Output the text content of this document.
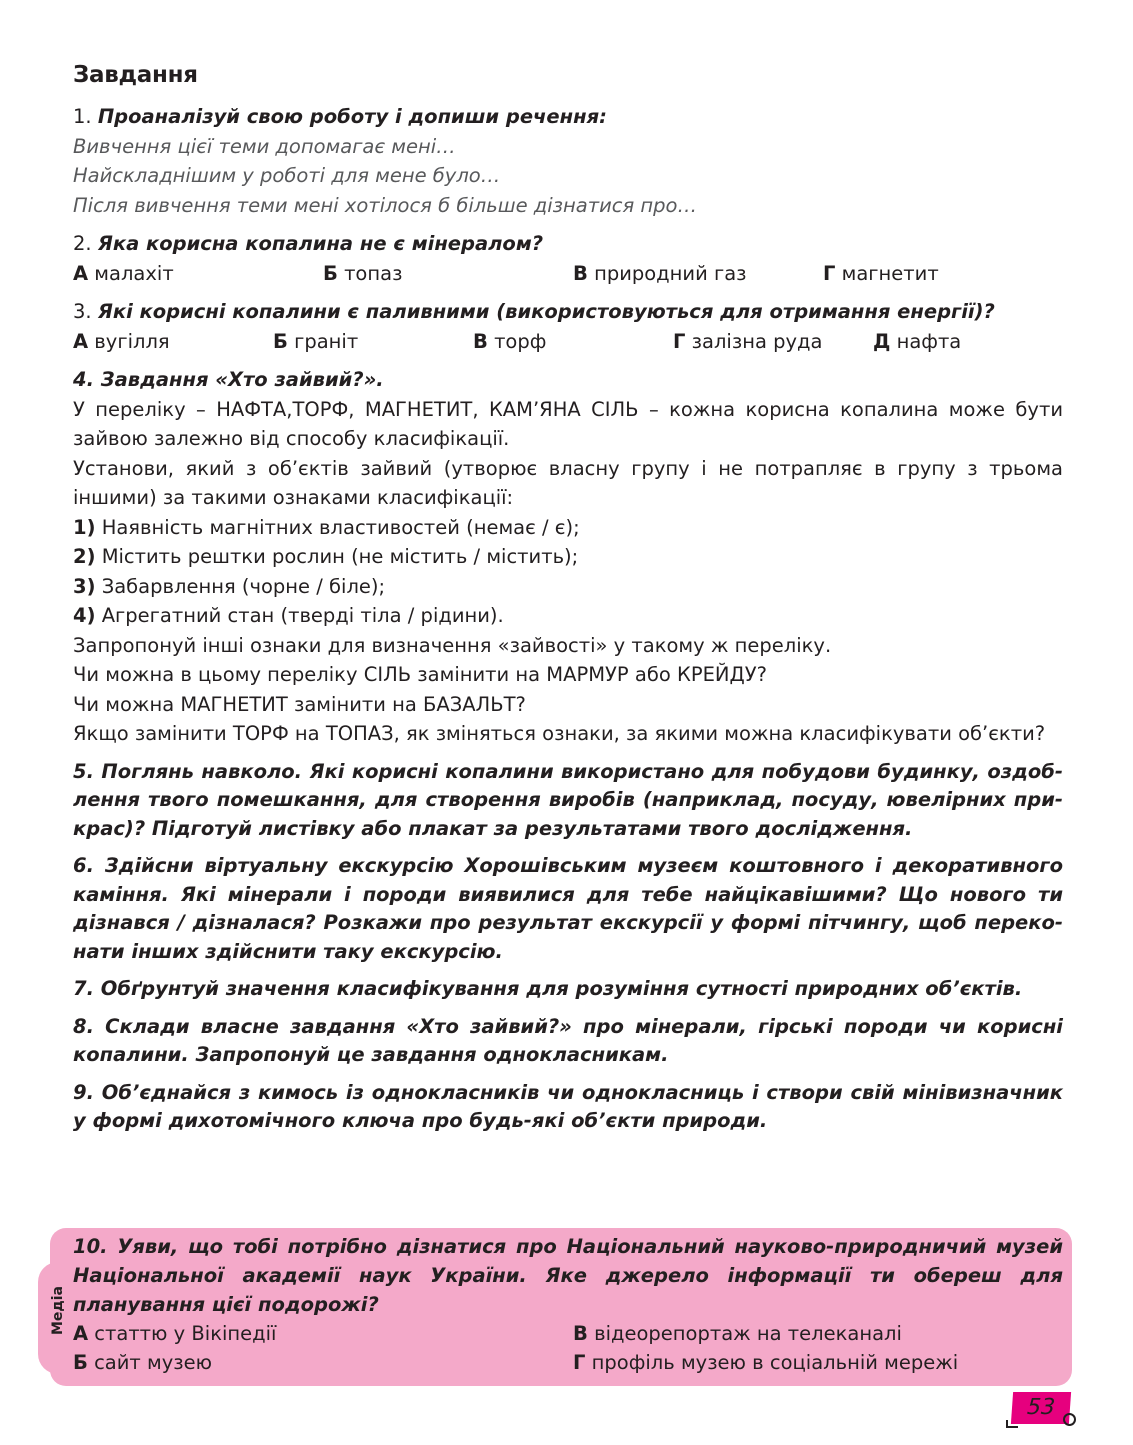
Завдання

1. Проаналізуй свою роботу і допиши речення:

Вивчення цієї теми допомагає мені…

Найскладнішим у роботі для мене було…

Після вивчення теми мені хотілося б більше дізнатися про…

2. Яка корисна копалина не є мінералом?

А малахіт	Б топаз	В природний газ	Г магнетит

3. Які корисні копалини є паливними (використовуються для отримання енергії)?

А вугілля	Б граніт	В торф	Г залізна руда	Д нафта

4. Завдання «Хто зайвий?».

У переліку – НАФТА,ТОРФ, МАГНЕТИТ, КАМ’ЯНА СІЛЬ – кожна корисна копалина може бути зайвою залежно від способу класифікації.

Установи, який з об’єктів зайвий (утворює власну групу і не потрапляє в групу з трьома іншими) за такими ознаками класифікації:

1) Наявність магнітних властивостей (немає / є);

2) Містить рештки рослин (не містить / містить);

3) Забарвлення (чорне / біле);

4) Агрегатний стан (тверді тіла / рідини).

Запропонуй інші ознаки для визначення «зайвості» у такому ж переліку.

Чи можна в цьому переліку СІЛЬ замінити на МАРМУР або КРЕЙДУ?

Чи можна МАГНЕТИТ замінити на БАЗАЛЬТ?

Якщо замінити ТОРФ на ТОПАЗ, як зміняться ознаки, за якими можна класифікувати об’єкти?

5. Поглянь навколо. Які корисні копалини використано для побудови будинку, оздоблення твого помешкання, для створення виробів (наприклад, посуду, ювелірних прикрас)? Підготуй листівку або плакат за результатами твого дослідження.
6. Здійсни віртуальну екскурсію Хорошівським музеєм коштовного і декоративного каміння. Які мінерали і породи виявилися для тебе найцікавішими? Що нового ти дізнався / дізналася? Розкажи про результат екскурсії у формі пітчингу, щоб переконати інших здійснити таку екскурсію.
7. Обґрунтуй значення класифікування для розуміння сутності природних об’єктів.
8. Склади власне завдання «Хто зайвий?» про мінерали, гірські породи чи корисні копалини. Запропонуй це завдання однокласникам.
9. Об’єднайся з кимось із однокласників чи однокласниць і створи свій мінівизначник у формі дихотомічного ключа про будь-які об’єкти природи.
Медіа

10. Уяви, що тобі потрібно дізнатися про Національний науково-природничий музей Національної академії наук України. Яке джерело інформації ти обереш для планування цієї подорожі?

А статтю у Вікіпедії	В відеорепортаж на телеканалі
Б сайт музею	Г профіль музею в соціальній мережі
53
